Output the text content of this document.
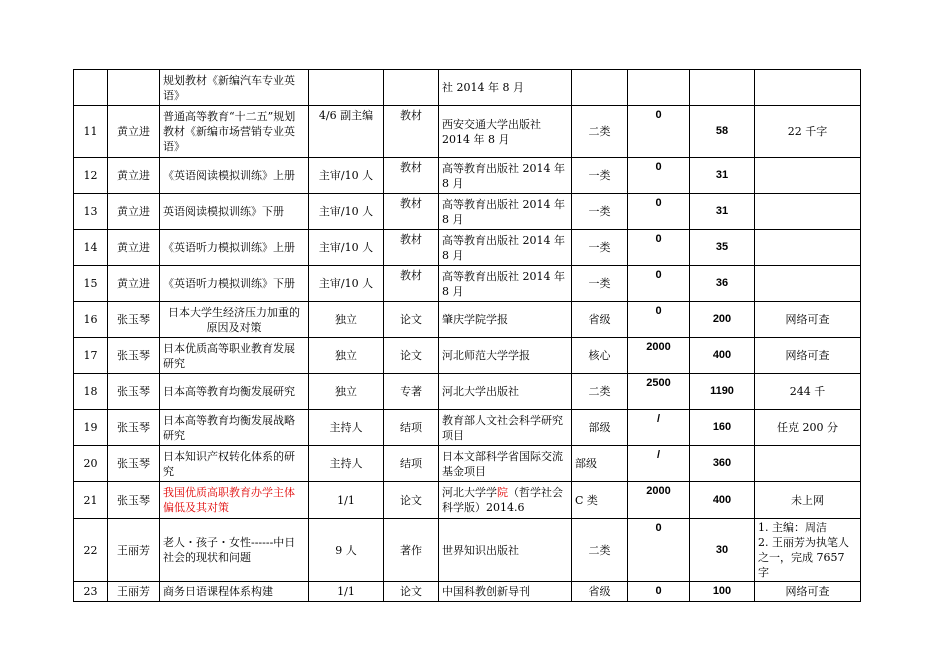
		规划教材《新编汽车专业英语》			社 2014 年 8 月				
11	黄立进	普通高等教育“十二五”规划教材《新编市场营销专业英语》	4/6 副主编	教材	西安交通大学出版社 2014 年 8 月	二类	0	58	22 千字
12	黄立进	《英语阅读模拟训练》上册	主审/10 人	教材	高等教育出版社 2014 年 8 月	一类	0	31	
13	黄立进	英语阅读模拟训练》下册	主审/10 人	教材	高等教育出版社 2014 年 8 月	一类	0	31	
14	黄立进	《英语听力模拟训练》上册	主审/10 人	教材	高等教育出版社 2014 年 8 月	一类	0	35	
15	黄立进	《英语听力模拟训练》下册	主审/10 人	教材	高等教育出版社 2014 年 8 月	一类	0	36	
16	张玉琴	日本大学生经济压力加重的原因及对策	独立	论文	肇庆学院学报	省级	0	200	网络可查
17	张玉琴	日本优质高等职业教育发展研究	独立	论文	河北师范大学学报	核心	2000	400	网络可查
18	张玉琴	日本高等教育均衡发展研究	独立	专著	河北大学出版社	二类	2500	1190	244 千
19	张玉琴	日本高等教育均衡发展战略研究	主持人	结项	教育部人文社会科学研究项目	部级	/	160	任克 200 分
20	张玉琴	日本知识产权转化体系的研究	主持人	结项	日本文部科学省国际交流基金项目	部级	/	360	
21	张玉琴	我国优质高职教育办学主体偏低及其对策	1/1	论文	河北大学学院（哲学社会科学版）2014.6	C 类	2000	400	未上网
22	王丽芳	老人・孩子・女性------中日社会的现状和问题	9 人	著作	世界知识出版社	二类	0	30	1. 主编：周洁
2. 王丽芳为执笔人之一，完成 7657 字

23	王丽芳	商务日语课程体系构建	1/1	论文	中国科教创新导刊	省级	0	100	网络可查
